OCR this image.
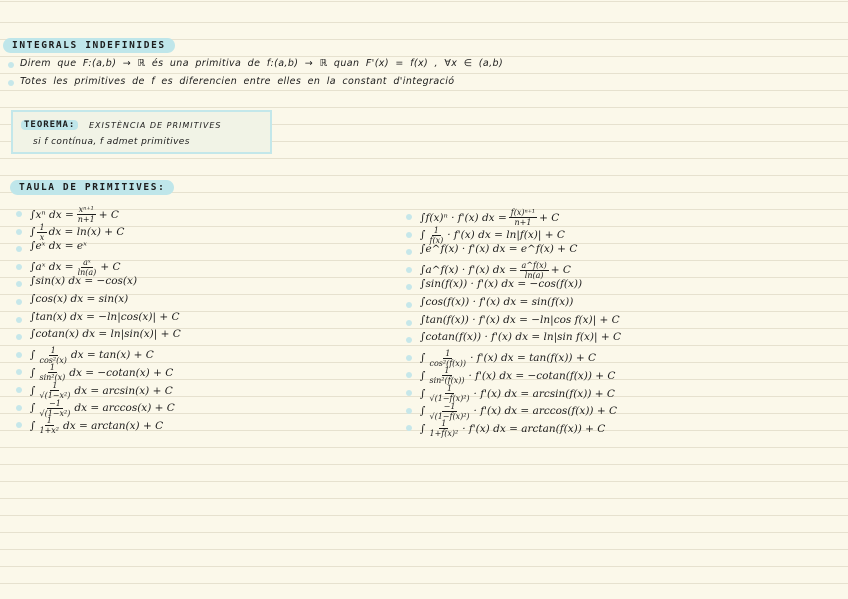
INTEGRALS INDEFINIDES
Direm que F:(a,b) → ℝ és una primitiva de f:(a,b) → ℝ quan F'(x) = f(x) , ∀x ∈ (a,b)
Totes les primitives de f es diferencien entre elles en la constant d'integració
TEOREMA:	EXISTÈNCIA DE PRIMITIVES
si f contínua, f admet primitives
TAULA DE PRIMITIVES:
∫xⁿ dx = $\frac{\text{xⁿ⁺¹}}{n+1} + C$
∫ $\frac{1}{x}$ dx = ln(x) + C
∫eˣ dx = eˣ
∫aˣ dx = $\frac{\text{aˣ}}{\ln(a)} + C$
∫sin(x) dx = −cos(x)
∫cos(x) dx = sin(x)
∫tan(x) dx = −ln|cos(x)| + C
∫cotan(x) dx = ln|sin(x)| + C
∫ $\frac{1}{\text{cos²(x)}}$ dx = tan(x) + C
∫ $\frac{1}{\text{sin²(x)}}$ dx = −cotan(x) + C
∫ $\frac{1}{\text{√(1−x²)}}$ dx = arcsin(x) + C
∫ $\frac{-1}{\text{√(1−x²)}}$ dx = arccos(x) + C
∫ $\frac{1}{\text{1+x²}}$ dx = arctan(x) + C
∫f(x)ⁿ · f'(x) dx = $\frac{\text{f(x)ⁿ⁺¹}}{n+1} + C$
∫ $\frac{1}{f(x)} \cdot f'(x)$ dx = ln|f(x)| + C
∫e^f(x) · f'(x) dx = e^f(x) + C
∫a^f(x) · f'(x) dx = $\frac{a\^{}f(x)}{\ln(a)} + C$
∫sin(f(x)) · f'(x) dx = −cos(f(x))
∫cos(f(x)) · f'(x) dx = sin(f(x))
∫tan(f(x)) · f'(x) dx = −ln|cos f(x)| + C
∫cotan(f(x)) · f'(x) dx = ln|sin f(x)| + C
∫ $\frac{1}{\text{cos²(f(x))}} \cdot f'(x)$ dx = tan(f(x)) + C
∫ $\frac{1}{\text{sin²(f(x))}} \cdot f'(x)$ dx = −cotan(f(x)) + C
∫ $\frac{1}{\text{√(1−f(x)²)}} \cdot f'(x)$ dx = arcsin(f(x)) + C
∫ $\frac{-1}{\text{√(1−f(x)²)}} \cdot f'(x)$ dx = arccos(f(x)) + C
∫ $\frac{1}{\text{1+f(x)²}} \cdot f'(x)$ dx = arctan(f(x)) + C
